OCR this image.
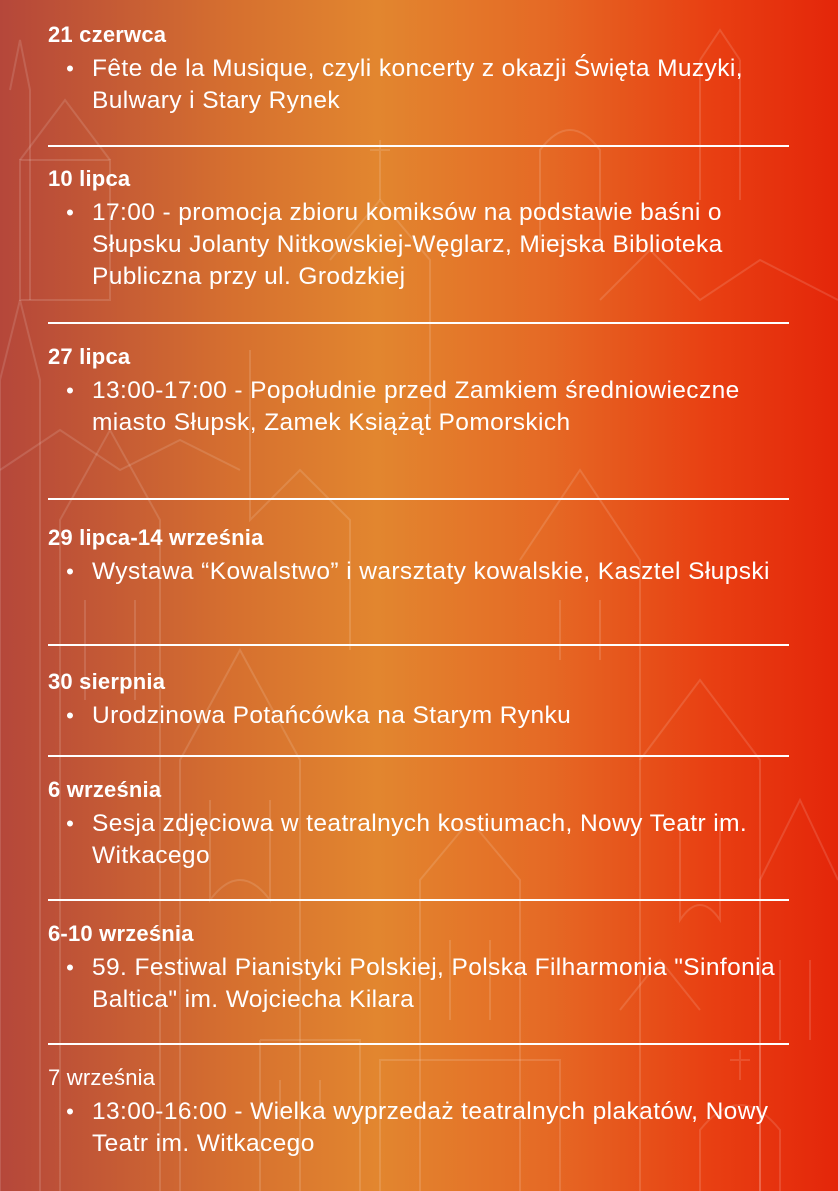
21 czerwca

• Fête de la Musique, czyli koncerty z okazji Święta Muzyki, Bulwary i Stary Rynek

10 lipca

• 17:00 - promocja zbioru komiksów na podstawie baśni o Słupsku Jolanty Nitkowskiej-Węglarz, Miejska Biblioteka Publiczna przy ul. Grodzkiej

27 lipca

• 13:00-17:00 - Popołudnie przed Zamkiem średniowieczne miasto Słupsk, Zamek Książąt Pomorskich

29 lipca-14 września

• Wystawa “Kowalstwo” i warsztaty kowalskie, Kasztel Słupski

30 sierpnia

• Urodzinowa Potańcówka na Starym Rynku

6 września

• Sesja zdjęciowa w teatralnych kostiumach, Nowy Teatr im. Witkacego

6-10 września

• 59. Festiwal Pianistyki Polskiej, Polska Filharmonia "Sinfonia Baltica" im. Wojciecha Kilara

7 września

• 13:00-16:00 - Wielka wyprzedaż teatralnych plakatów, Nowy Teatr im. Witkacego
